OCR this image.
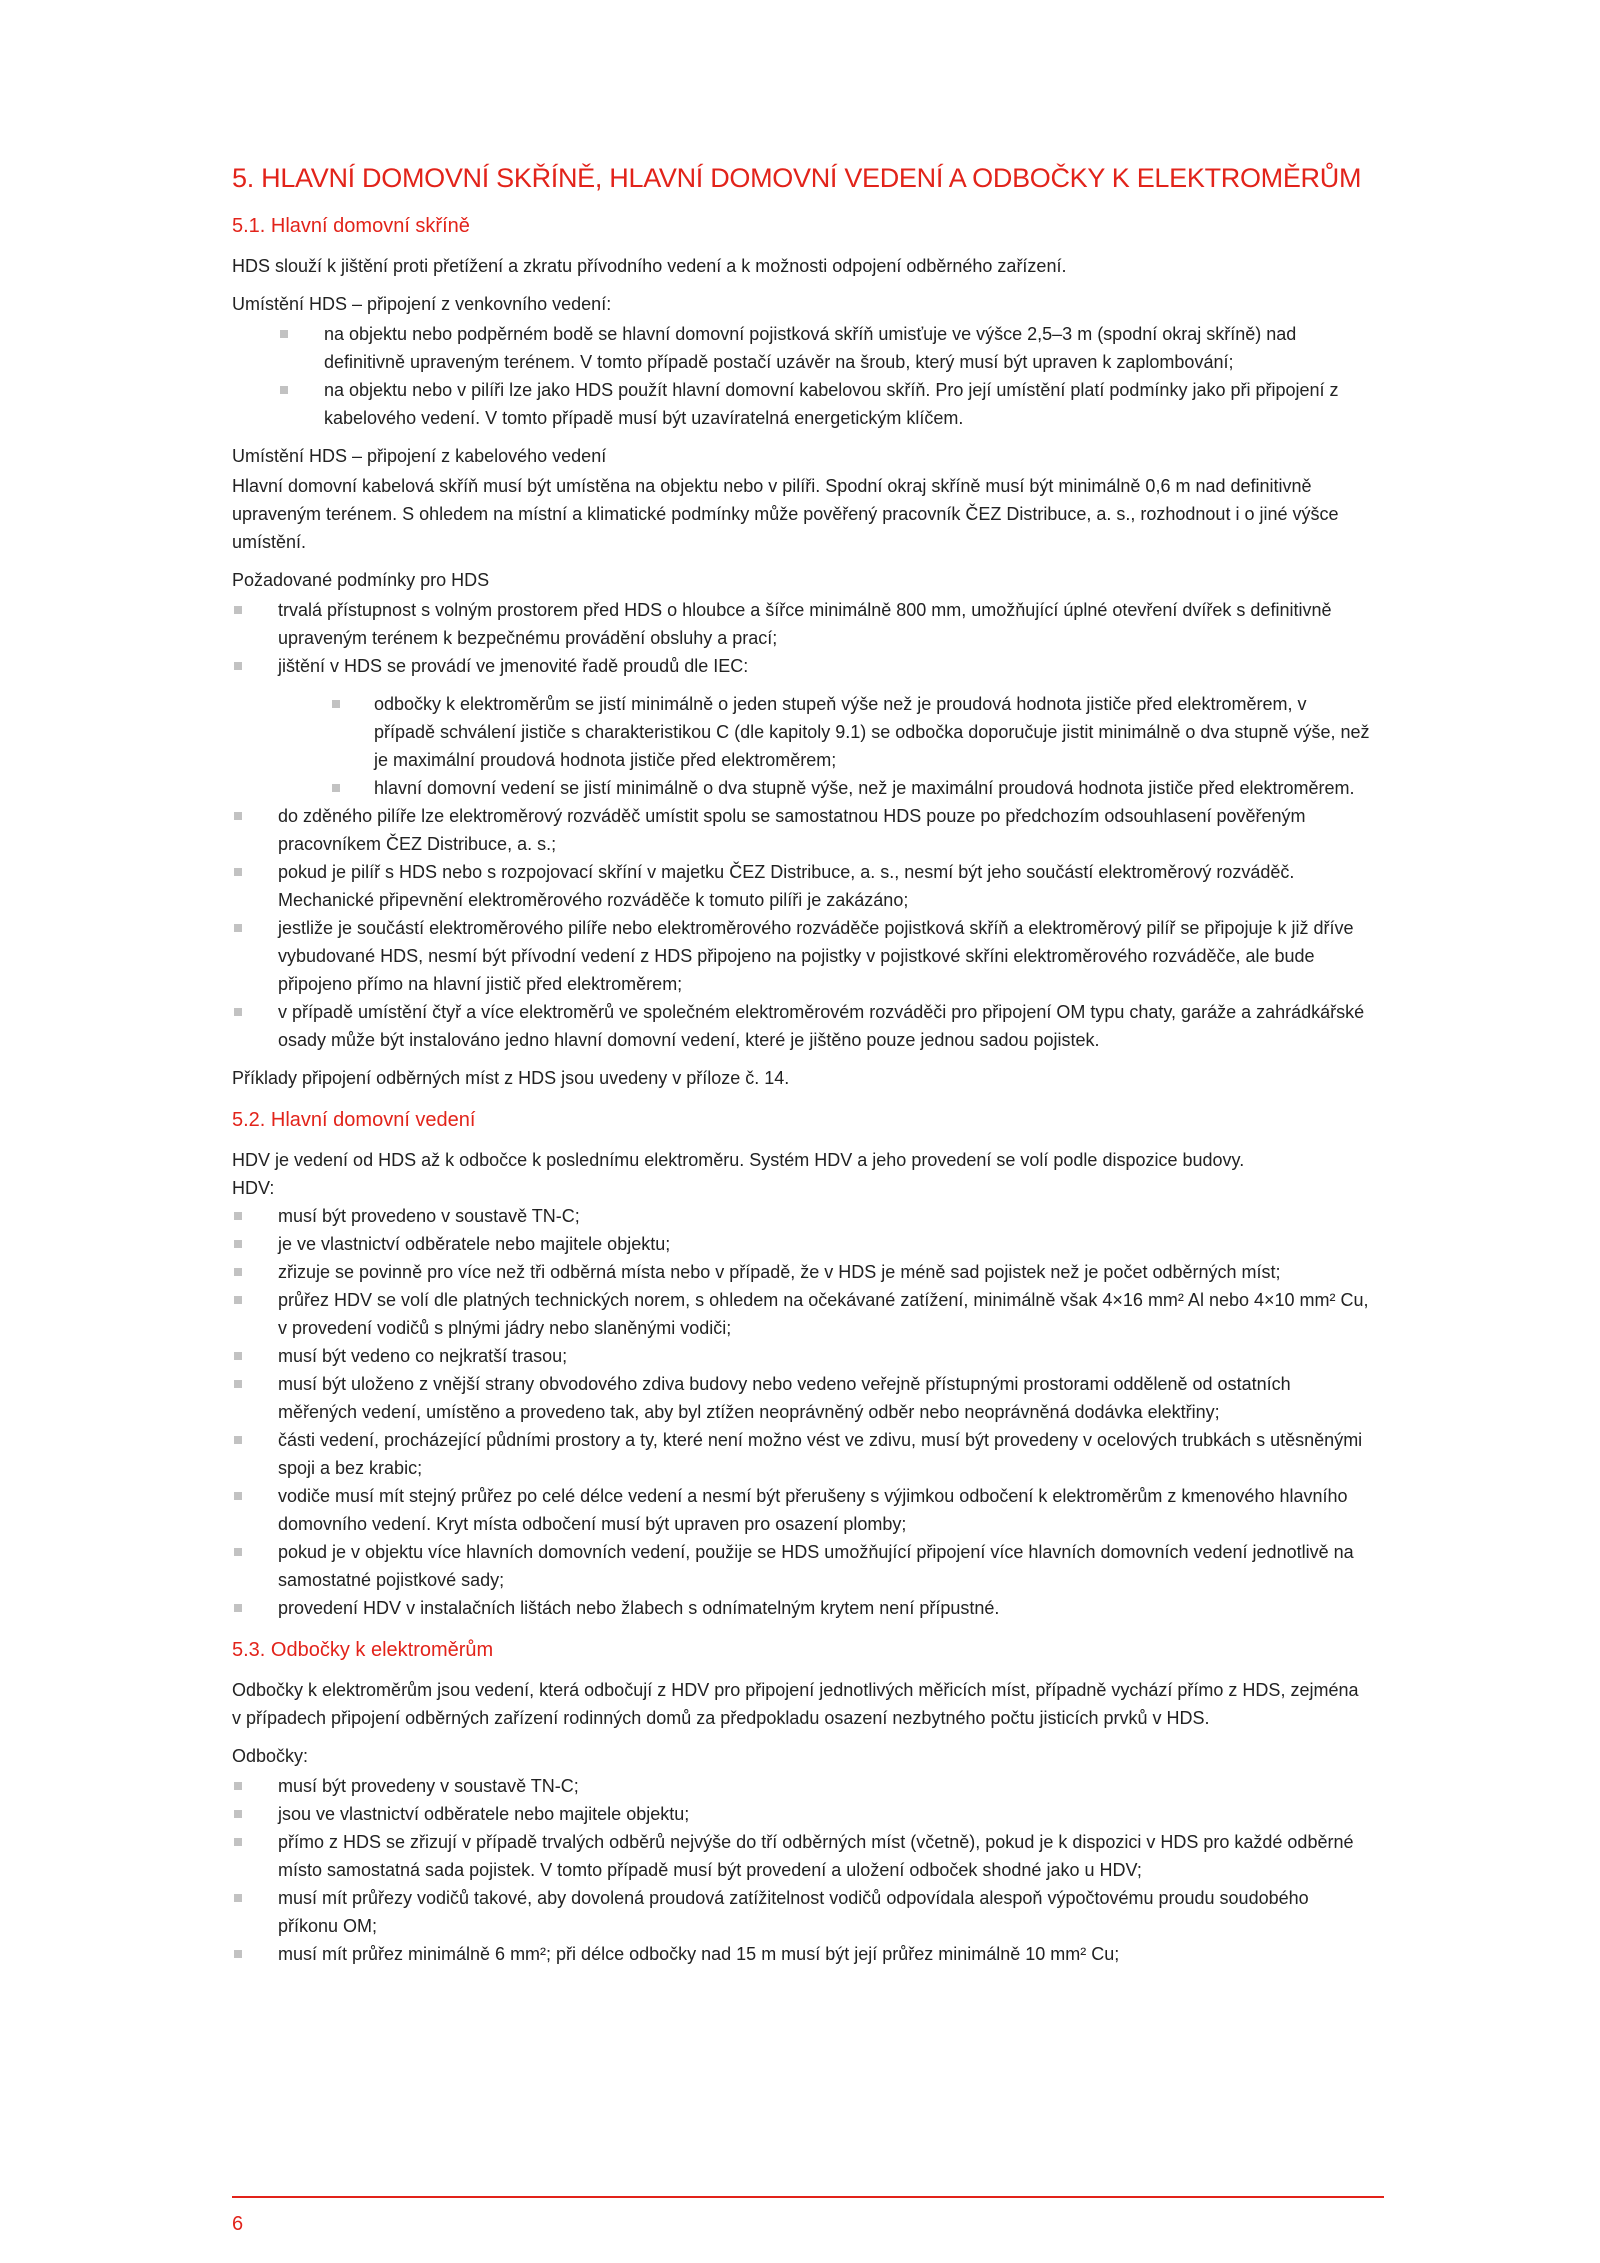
5. HLAVNÍ DOMOVNÍ SKŘÍNĚ, HLAVNÍ DOMOVNÍ VEDENÍ A ODBOČKY K ELEKTROMĚRŮM
5.1. Hlavní domovní skříně

HDS slouží k jištění proti přetížení a zkratu přívodního vedení a k možnosti odpojení odběrného zařízení.

Umístění HDS – připojení z venkovního vedení:
na objektu nebo podpěrném bodě se hlavní domovní pojistková skříň umisťuje ve výšce 2,5–3 m (spodní okraj skříně) nad definitivně upraveným terénem. V tomto případě postačí uzávěr na šroub, který musí být upraven k zaplombování;
na objektu nebo v pilíři lze jako HDS použít hlavní domovní kabelovou skříň. Pro její umístění platí podmínky jako při připojení z kabelového vedení. V tomto případě musí být uzavíratelná energetickým klíčem.
Umístění HDS – připojení z kabelového vedení

Hlavní domovní kabelová skříň musí být umístěna na objektu nebo v pilíři. Spodní okraj skříně musí být minimálně 0,6 m nad definitivně upraveným terénem. S ohledem na místní a klimatické podmínky může pověřený pracovník ČEZ Distribuce, a. s., rozhodnout i o jiné výšce umístění.

Požadované podmínky pro HDS
trvalá přístupnost s volným prostorem před HDS o hloubce a šířce minimálně 800 mm, umožňující úplné otevření dvířek s definitivně upraveným terénem k bezpečnému provádění obsluhy a prací;
jištění v HDS se provádí ve jmenovité řadě proudů dle IEC:
odbočky k elektroměrům se jistí minimálně o jeden stupeň výše než je proudová hodnota jističe před elektroměrem, v případě schválení jističe s charakteristikou C (dle kapitoly 9.1) se odbočka doporučuje jistit minimálně o dva stupně výše, než je maximální proudová hodnota jističe před elektroměrem;
hlavní domovní vedení se jistí minimálně o dva stupně výše, než je maximální proudová hodnota jističe před elektroměrem.
do zděného pilíře lze elektroměrový rozváděč umístit spolu se samostatnou HDS pouze po předchozím odsouhlasení pověřeným pracovníkem ČEZ Distribuce, a. s.;
pokud je pilíř s HDS nebo s rozpojovací skříní v majetku ČEZ Distribuce, a. s., nesmí být jeho součástí elektroměrový rozváděč. Mechanické připevnění elektroměrového rozváděče k tomuto pilíři je zakázáno;
jestliže je součástí elektroměrového pilíře nebo elektroměrového rozváděče pojistková skříň a elektroměrový pilíř se připojuje k již dříve vybudované HDS, nesmí být přívodní vedení z HDS připojeno na pojistky v pojistkové skříni elektroměrového rozváděče, ale bude připojeno přímo na hlavní jistič před elektroměrem;
v případě umístění čtyř a více elektroměrů ve společném elektroměrovém rozváděči pro připojení OM typu chaty, garáže a zahrádkářské osady může být instalováno jedno hlavní domovní vedení, které je jištěno pouze jednou sadou pojistek.

Příklady připojení odběrných míst z HDS jsou uvedeny v příloze č. 14.

5.2. Hlavní domovní vedení

HDV je vedení od HDS až k odbočce k poslednímu elektroměru. Systém HDV a jeho provedení se volí podle dispozice budovy.

HDV:
musí být provedeno v soustavě TN-C;
je ve vlastnictví odběratele nebo majitele objektu;
zřizuje se povinně pro více než tři odběrná místa nebo v případě, že v HDS je méně sad pojistek než je počet odběrných míst;
průřez HDV se volí dle platných technických norem, s ohledem na očekávané zatížení, minimálně však 4×16 mm² Al nebo 4×10 mm² Cu, v provedení vodičů s plnými jádry nebo slaněnými vodiči;
musí být vedeno co nejkratší trasou;
musí být uloženo z vnější strany obvodového zdiva budovy nebo vedeno veřejně přístupnými prostorami odděleně od ostatních měřených vedení, umístěno a provedeno tak, aby byl ztížen neoprávněný odběr nebo neoprávněná dodávka elektřiny;
části vedení, procházející půdními prostory a ty, které není možno vést ve zdivu, musí být provedeny v ocelových trubkách s utěsněnými spoji a bez krabic;
vodiče musí mít stejný průřez po celé délce vedení a nesmí být přerušeny s výjimkou odbočení k elektroměrům z kmenového hlavního domovního vedení. Kryt místa odbočení musí být upraven pro osazení plomby;
pokud je v objektu více hlavních domovních vedení, použije se HDS umožňující připojení více hlavních domovních vedení jednotlivě na samostatné pojistkové sady;
provedení HDV v instalačních lištách nebo žlabech s odnímatelným krytem není přípustné.
5.3. Odbočky k elektroměrům

Odbočky k elektroměrům jsou vedení, která odbočují z HDV pro připojení jednotlivých měřicích míst, případně vychází přímo z HDS, zejména v případech připojení odběrných zařízení rodinných domů za předpokladu osazení nezbytného počtu jisticích prvků v HDS.

Odbočky:
musí být provedeny v soustavě TN-C;
jsou ve vlastnictví odběratele nebo majitele objektu;
přímo z HDS se zřizují v případě trvalých odběrů nejvýše do tří odběrných míst (včetně), pokud je k dispozici v HDS pro každé odběrné místo samostatná sada pojistek. V tomto případě musí být provedení a uložení odboček shodné jako u HDV;
musí mít průřezy vodičů takové, aby dovolená proudová zatížitelnost vodičů odpovídala alespoň výpočtovému proudu soudobého příkonu OM;
musí mít průřez minimálně 6 mm²; při délce odbočky nad 15 m musí být její průřez minimálně 10 mm² Cu;
6
